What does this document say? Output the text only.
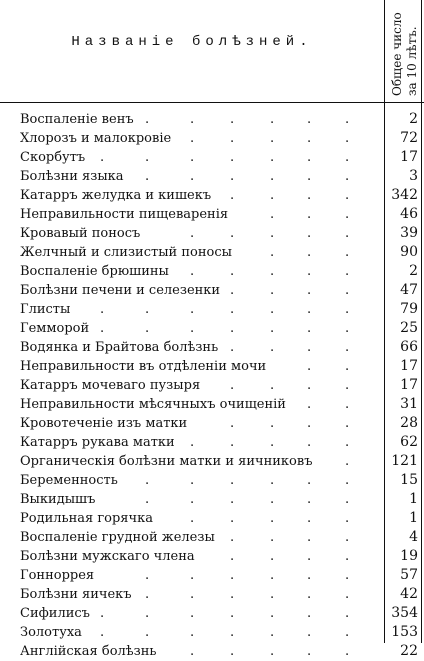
Названіе болѣзней.	Общее число за 10 лѣтъ.
.	.	.	.	.	.
Воспаленіе венъ	2
.	.	.	.	.
Хлорозъ и малокровіе	72
.	.	.	.	.	.	.
Скорбутъ	17
.	.	.	.	.	.
Болѣзни языка	3
.	.	.	.
Катарръ желудка и кишекъ	342
.	.	.
Неправильности пищеваренія	46
.	.	.	.	.
Кровавый поносъ	39
.	.	.
Желчный и слизистый поносы	90
.	.	.	.	.
Воспаленіе брюшины	2
.	.	.	.
Болѣзни печени и селезенки	47
.	.	.	.	.	.	.
Глисты	79
.	.	.	.	.	.	.
Гемморой	25
.	.	.	.
Водянка и Брайтова болѣзнь	66
.	.
Неправильности въ отдѣленіи мочи	17
.	.	.	.
Катарръ мочеваго пузыря	17
.	.
Неправильности мѣсячныхъ очищеній	31
.	.	.	.
Кровотеченіе изъ матки	28
.	.	.	.	.
Катарръ рукава матки	62
.
Органическія болѣзни матки и яичниковъ	121
.	.	.	.	.	.
Беременность	15
.	.	.	.	.	.
Выкидышъ	1
.	.	.	.	.
Родильная горячка	1
.	.	.	.
Воспаленіе грудной железы	4
.	.	.	.
Болѣзни мужскаго члена	19
.	.	.	.	.	.
Гонноррея	57
.	.	.	.	.	.
Болѣзни яичекъ	42
.	.	.	.	.	.	.
Сифилисъ	354
.	.	.	.	.	.	.
Золотуха	153
.	.	.	.	.
Англійская болѣзнь	22
